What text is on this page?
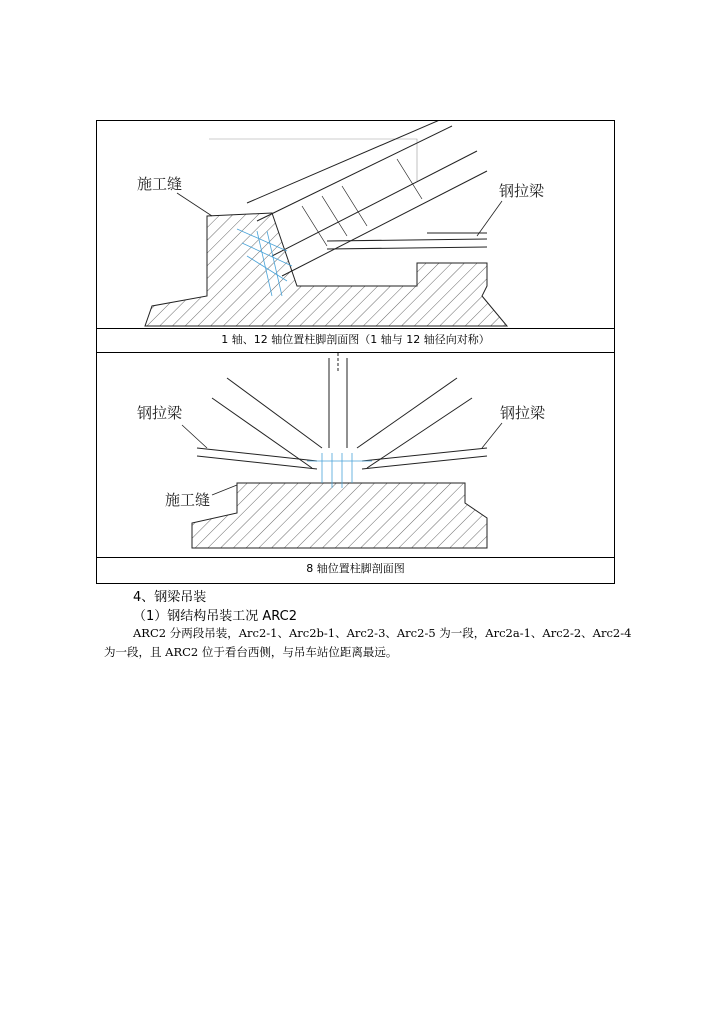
施工缝	钢拉梁
1 轴、12 轴位置柱脚剖面图（1 轴与 12 轴径向对称）
钢拉梁	钢拉梁
施工缝
8 轴位置柱脚剖面图
4、钢梁吊装
（1）钢结构吊装工况 ARC2
ARC2 分两段吊装，Arc2-1、Arc2b-1、Arc2-3、Arc2-5 为一段，Arc2a-1、Arc2-2、Arc2-4 为一段，且 ARC2 位于看台西侧，与吊车站位距离最远。
